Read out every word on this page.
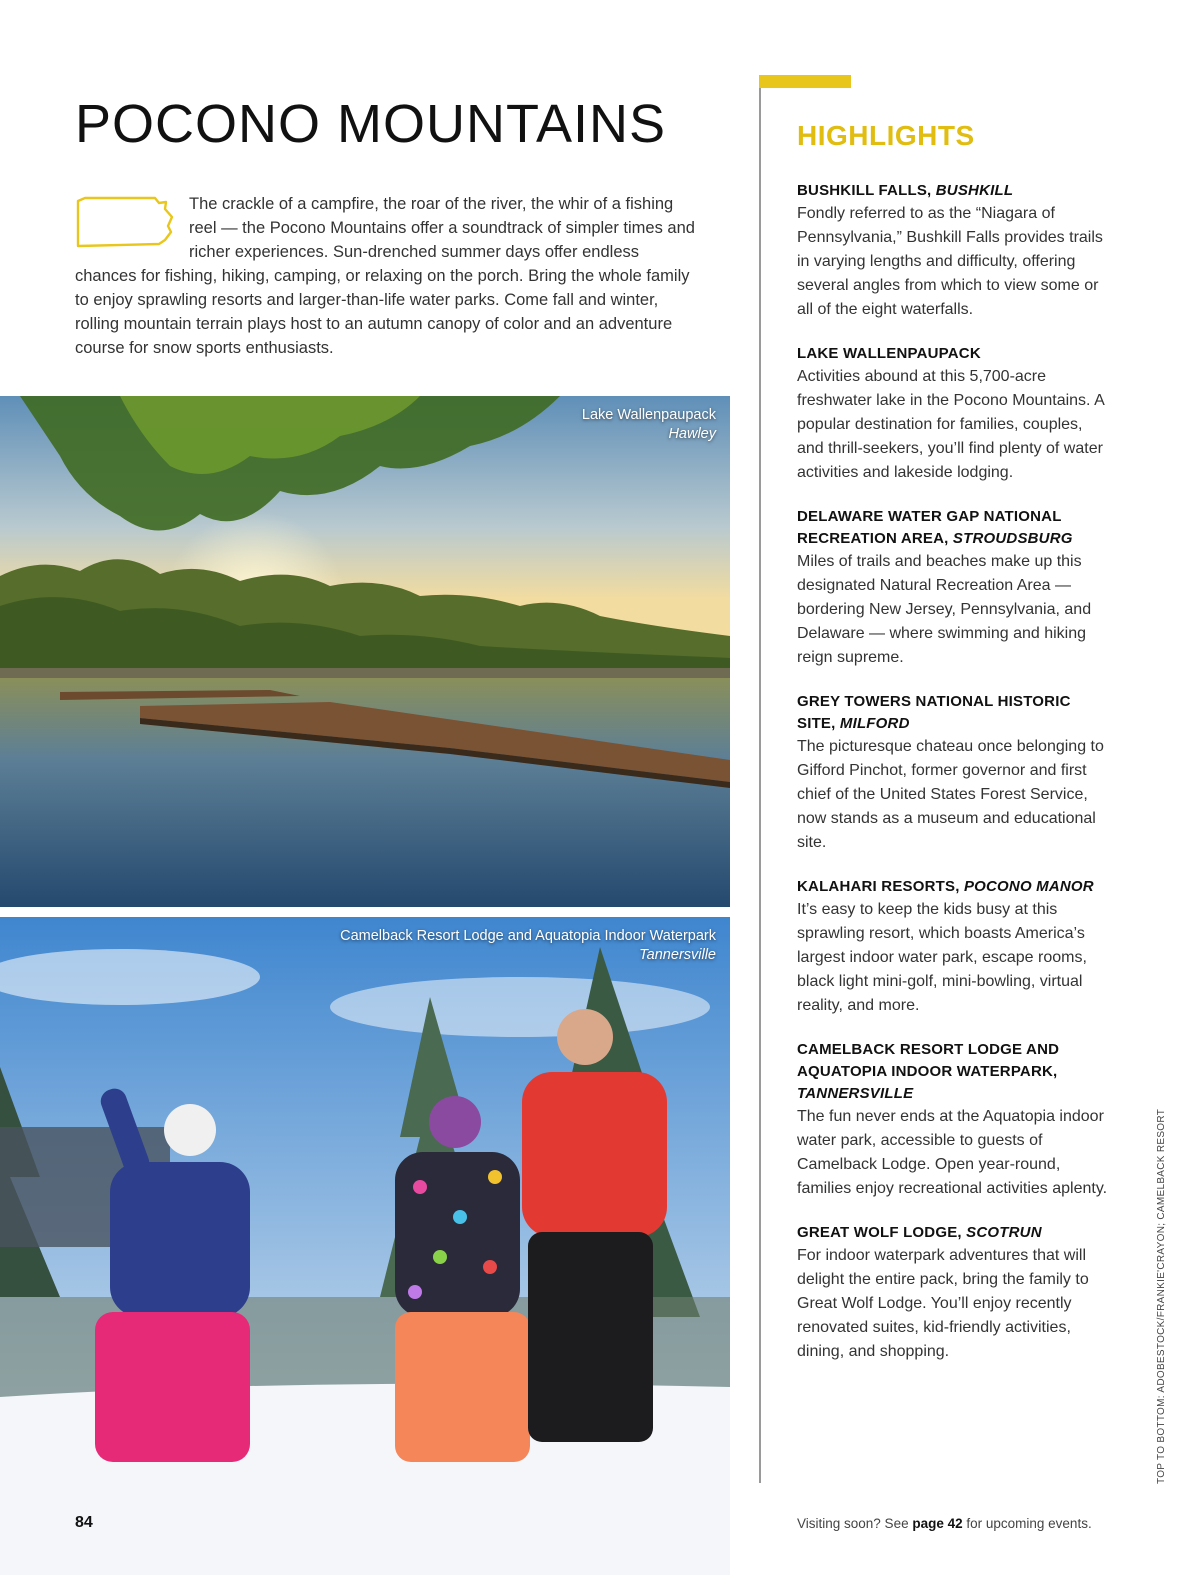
POCONO MOUNTAINS

The crackle of a campfire, the roar of the river, the whir of a fishing reel — the Pocono Mountains offer a soundtrack of simpler times and richer experiences. Sun-drenched summer days offer endless chances for fishing, hiking, camping, or relaxing on the porch. Bring the whole family to enjoy sprawling resorts and larger-than-life water parks. Come fall and winter, rolling mountain terrain plays host to an autumn canopy of color and an adventure course for snow sports enthusiasts.

Lake Wallenpaupack
Hawley
Camelback Resort Lodge and Aquatopia Indoor Waterpark
Tannersville
HIGHLIGHTS

BUSHKILL FALLS, BUSHKILL

Fondly referred to as the “Niagara of Pennsylvania,” Bushkill Falls provides trails in varying lengths and difficulty, offering several angles from which to view some or all of the eight waterfalls.

LAKE WALLENPAUPACK

Activities abound at this 5,700-acre freshwater lake in the Pocono Mountains. A popular destination for families, couples, and thrill-seekers, you’ll find plenty of water activities and lakeside lodging.

DELAWARE WATER GAP NATIONAL RECREATION AREA, STROUDSBURG

Miles of trails and beaches make up this designated Natural Recreation Area — bordering New Jersey, Pennsylvania, and Delaware — where swimming and hiking reign supreme.

GREY TOWERS NATIONAL HISTORIC SITE, MILFORD

The picturesque chateau once belonging to Gifford Pinchot, former governor and first chief of the United States Forest Service, now stands as a museum and educational site.

KALAHARI RESORTS, POCONO MANOR

It’s easy to keep the kids busy at this sprawling resort, which boasts America’s largest indoor water park, escape rooms, black light mini-golf, mini-bowling, virtual reality, and more.

CAMELBACK RESORT LODGE AND AQUATOPIA INDOOR WATERPARK, TANNERSVILLE

The fun never ends at the Aquatopia indoor water park, accessible to guests of Camelback Lodge. Open year-round, families enjoy recreational activities aplenty.

GREAT WOLF LODGE, SCOTRUN

For indoor waterpark adventures that will delight the entire pack, bring the family to Great Wolf Lodge. You’ll enjoy recently renovated suites, kid-friendly activities, dining, and shopping.

84	Visiting soon? See page 42 for upcoming events.
TOP TO BOTTOM: ADOBESTOCK/FRANKIE'CRAYON; CAMELBACK RESORT
